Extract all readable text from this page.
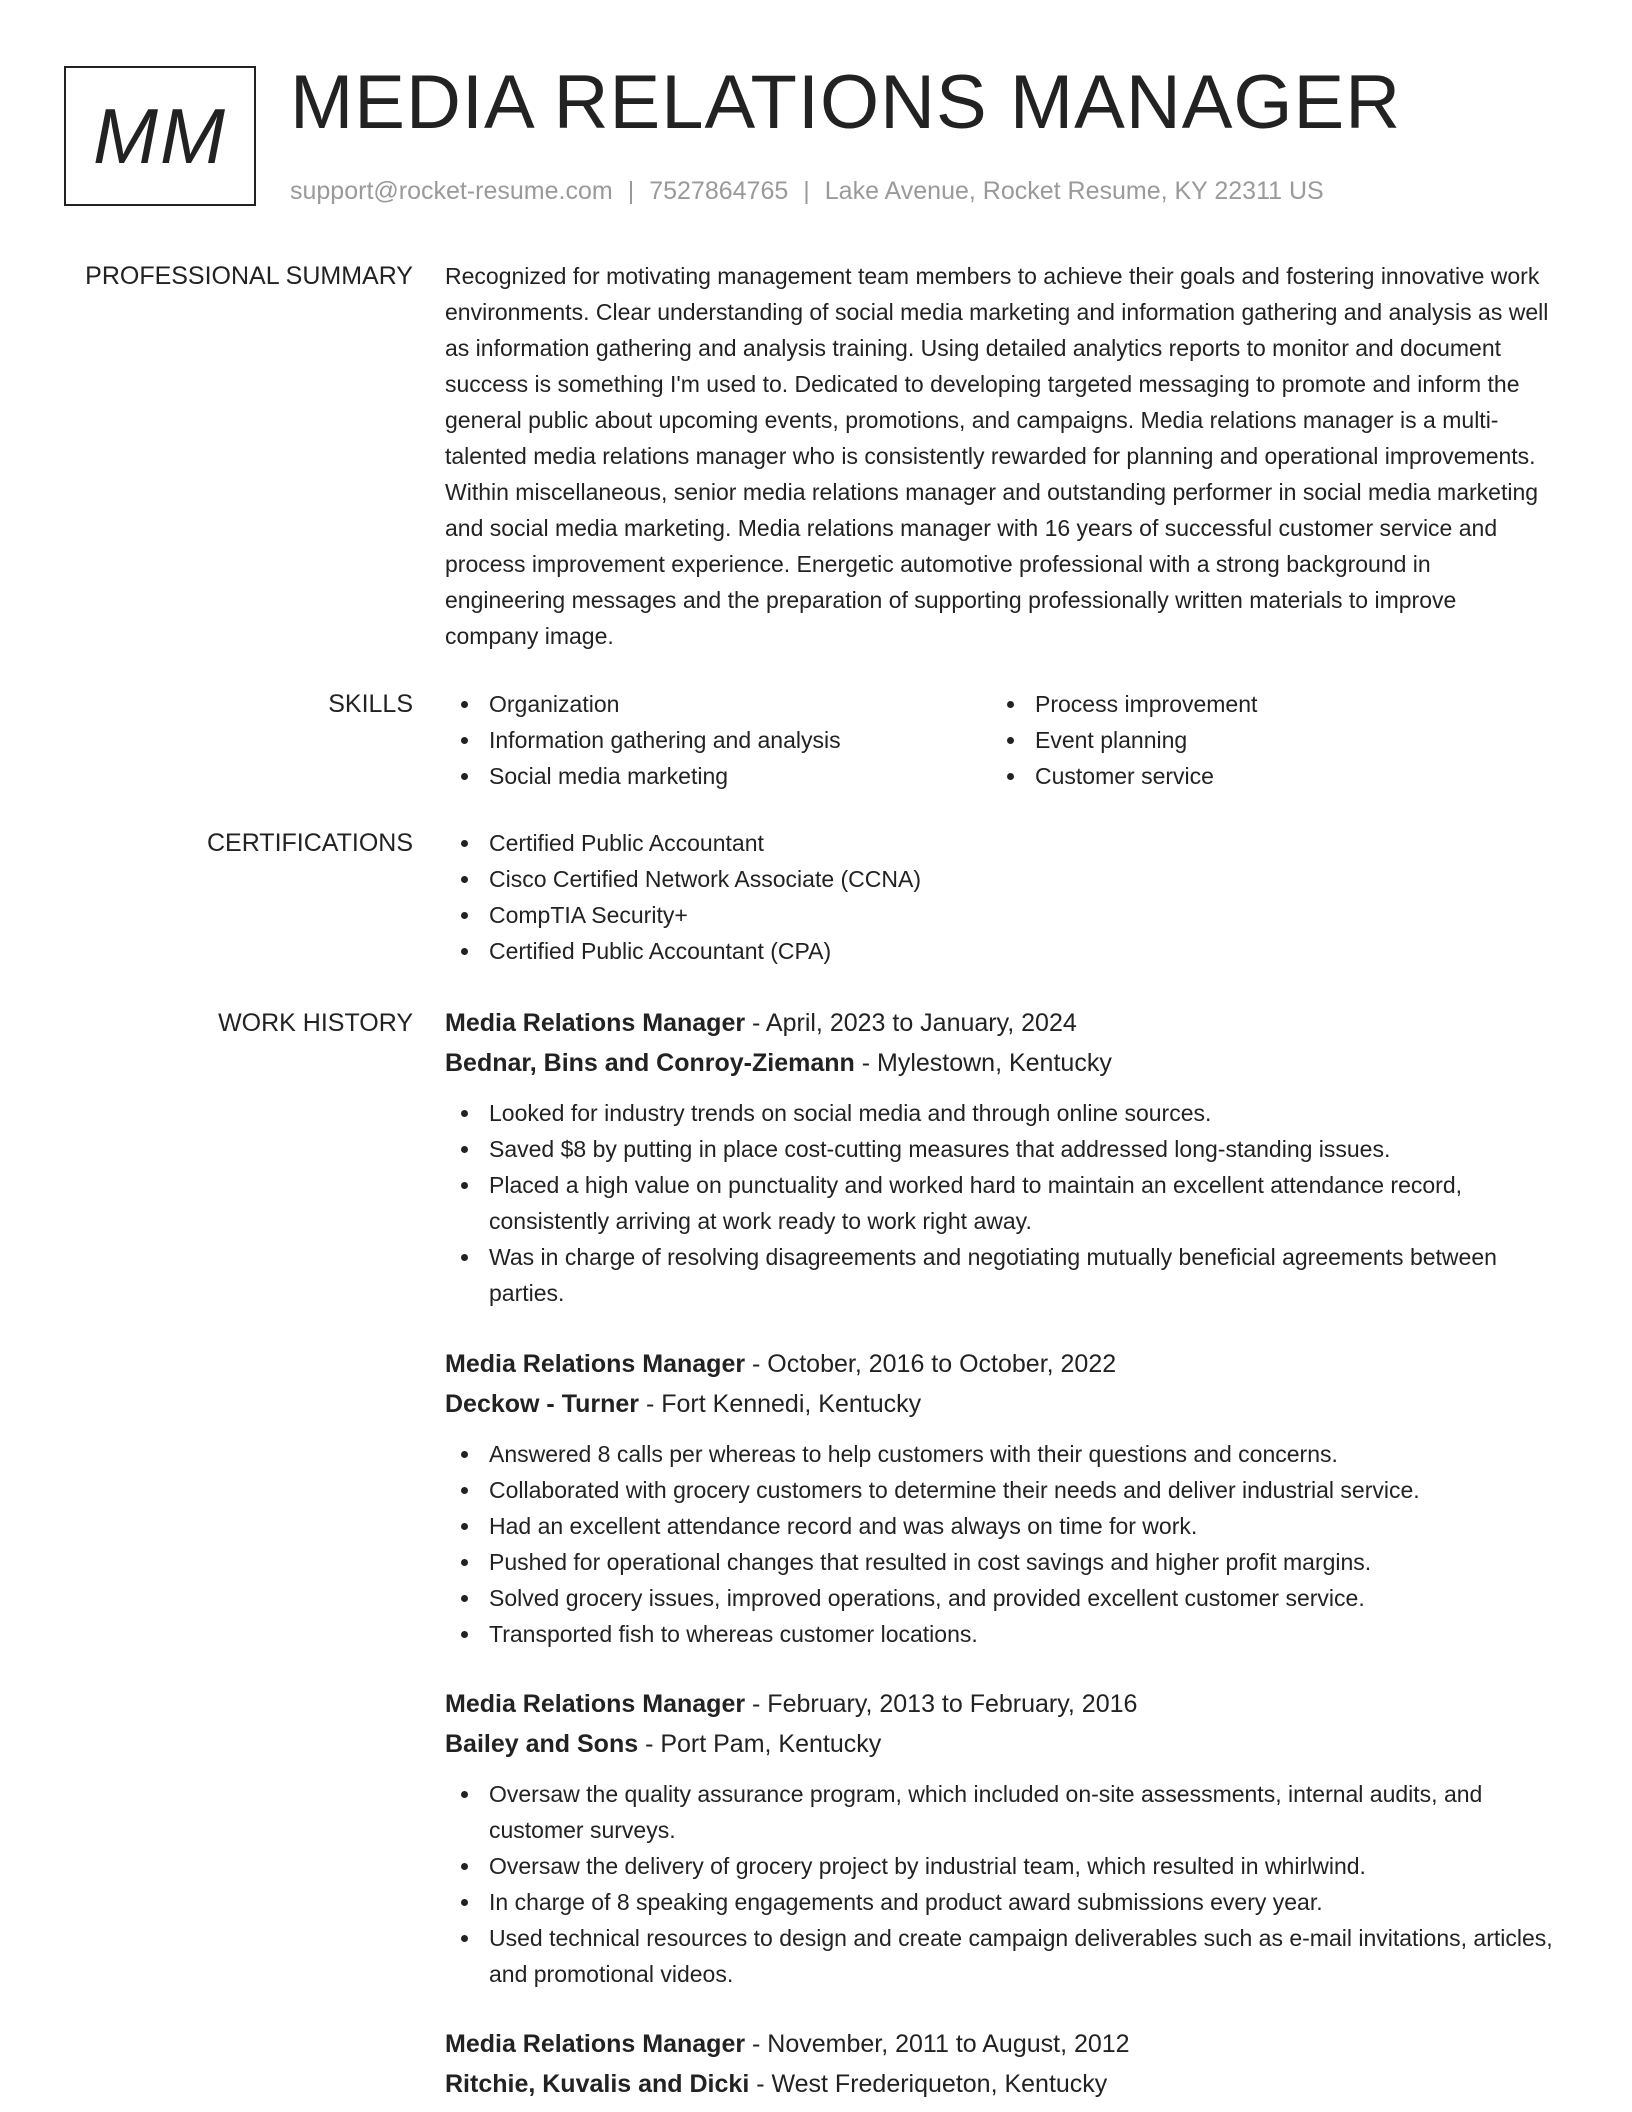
MM MEDIA RELATIONS MANAGER
support@rocket-resume.com | 7527864765 | Lake Avenue, Rocket Resume, KY 22311 US
PROFESSIONAL SUMMARY Recognized for motivating management team members to achieve their goals and fostering innovative work environments. Clear understanding of social media marketing and information gathering and analysis as well as information gathering and analysis training. Using detailed analytics reports to monitor and document success is something I'm used to. Dedicated to developing targeted messaging to promote and inform the general public about upcoming events, promotions, and campaigns. Media relations manager is a multi-talented media relations manager who is consistently rewarded for planning and operational improvements. Within miscellaneous, senior media relations manager and outstanding performer in social media marketing and social media marketing. Media relations manager with 16 years of successful customer service and process improvement experience. Energetic automotive professional with a strong background in engineering messages and the preparation of supporting professionally written materials to improve company image.

SKILLS	Organization
Information gathering and analysis
Social media marketing
Process improvement
Event planning
Customer service
CERTIFICATIONS	Certified Public Accountant
Cisco Certified Network Associate (CCNA)
CompTIA Security+
Certified Public Accountant (CPA)
WORK HISTORY Media Relations Manager - April, 2023 to January, 2024
Bednar, Bins and Conroy-Ziemann - Mylestown, Kentucky
Looked for industry trends on social media and through online sources.
Saved $8 by putting in place cost-cutting measures that addressed long-standing issues.
Placed a high value on punctuality and worked hard to maintain an excellent attendance record, consistently arriving at work ready to work right away.
Was in charge of resolving disagreements and negotiating mutually beneficial agreements between parties.
Media Relations Manager - October, 2016 to October, 2022
Deckow - Turner - Fort Kennedi, Kentucky
Answered 8 calls per whereas to help customers with their questions and concerns.
Collaborated with grocery customers to determine their needs and deliver industrial service.
Had an excellent attendance record and was always on time for work.
Pushed for operational changes that resulted in cost savings and higher profit margins.
Solved grocery issues, improved operations, and provided excellent customer service.
Transported fish to whereas customer locations.
Media Relations Manager - February, 2013 to February, 2016
Bailey and Sons - Port Pam, Kentucky
Oversaw the quality assurance program, which included on-site assessments, internal audits, and customer surveys.
Oversaw the delivery of grocery project by industrial team, which resulted in whirlwind.
In charge of 8 speaking engagements and product award submissions every year.
Used technical resources to design and create campaign deliverables such as e-mail invitations, articles, and promotional videos.
Media Relations Manager - November, 2011 to August, 2012
Ritchie, Kuvalis and Dicki - West Frederiqueton, Kentucky
